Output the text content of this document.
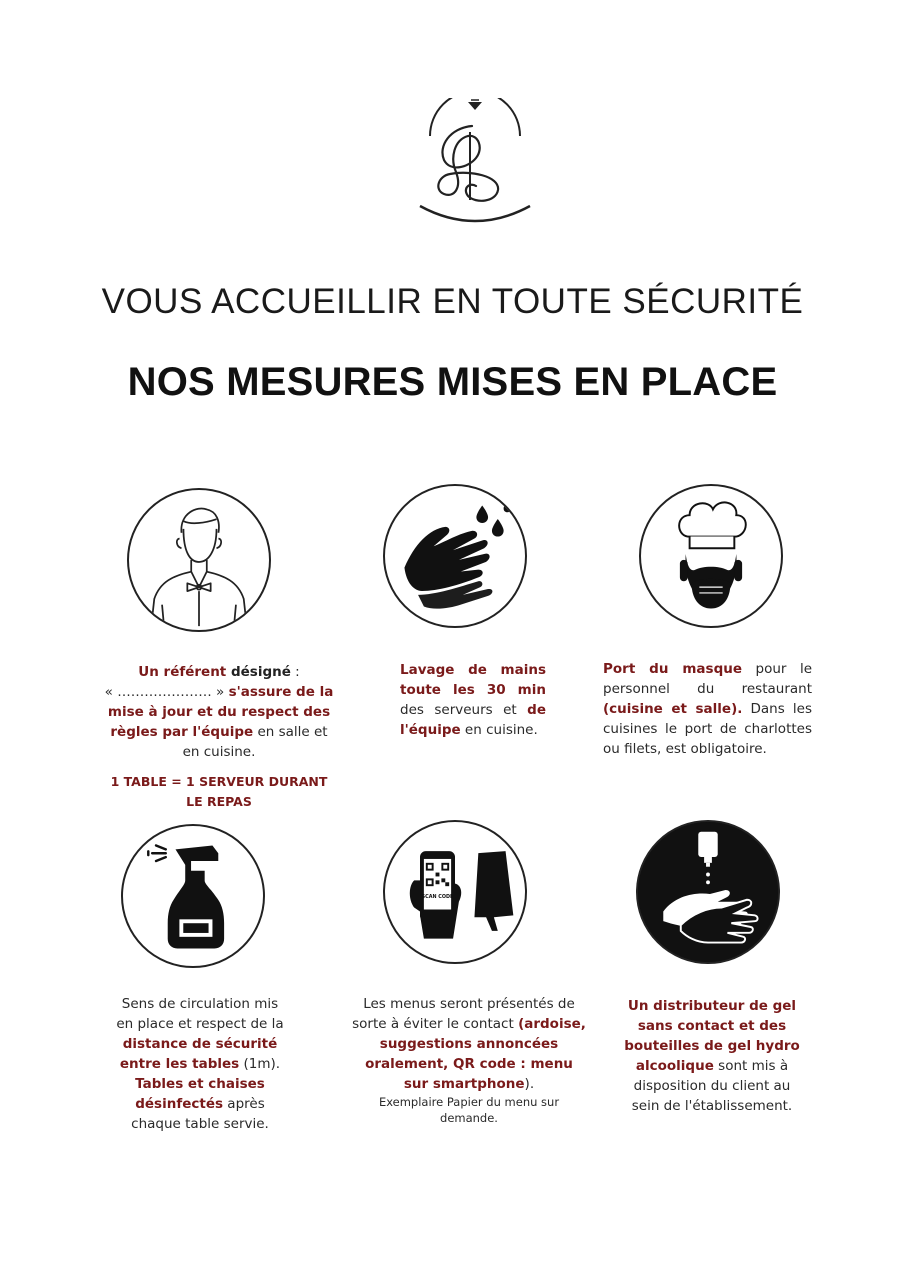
VOUS ACCUEILLIR EN TOUTE SÉCURITÉ
NOS MESURES MISES EN PLACE
SCAN CODE
Un référent désigné :
« ………………… » s'assure de la mise à jour et du respect des règles par l'équipe en salle et en cuisine.
1 TABLE = 1 SERVEUR DURANT LE REPAS
Lavage de mains toute les 30 min des serveurs et de l'équipe en cuisine.
Port du masque pour le personnel du restaurant (cuisine et salle). Dans les cuisines le port de charlottes ou filets, est obligatoire.
Sens de circulation mis en place et respect de la distance de sécurité entre les tables (1m). Tables et chaises désinfectés après chaque table servie.
Les menus seront présentés de sorte à éviter le contact (ardoise, suggestions annoncées oralement, QR code : menu sur smartphone).
Exemplaire Papier du menu sur demande.
Un distributeur de gel sans contact et des bouteilles de gel hydro alcoolique sont mis à disposition du client au sein de l'établissement.
